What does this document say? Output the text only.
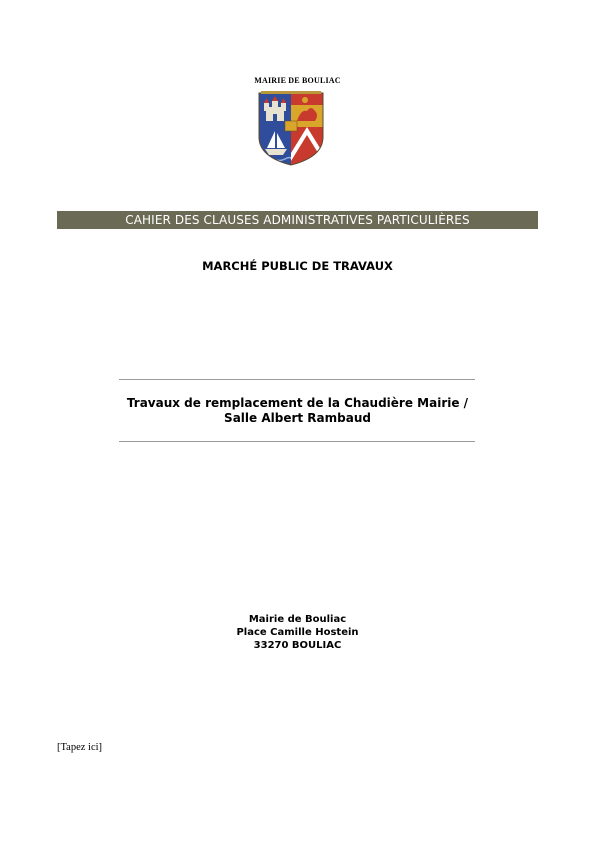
MAIRIE DE BOULIAC
CAHIER DES CLAUSES ADMINISTRATIVES PARTICULIÈRES
MARCHÉ PUBLIC DE TRAVAUX
Travaux de remplacement de la Chaudière Mairie /
Salle Albert Rambaud
Mairie de Bouliac
Place Camille Hostein
33270 BOULIAC
[Tapez ici]
